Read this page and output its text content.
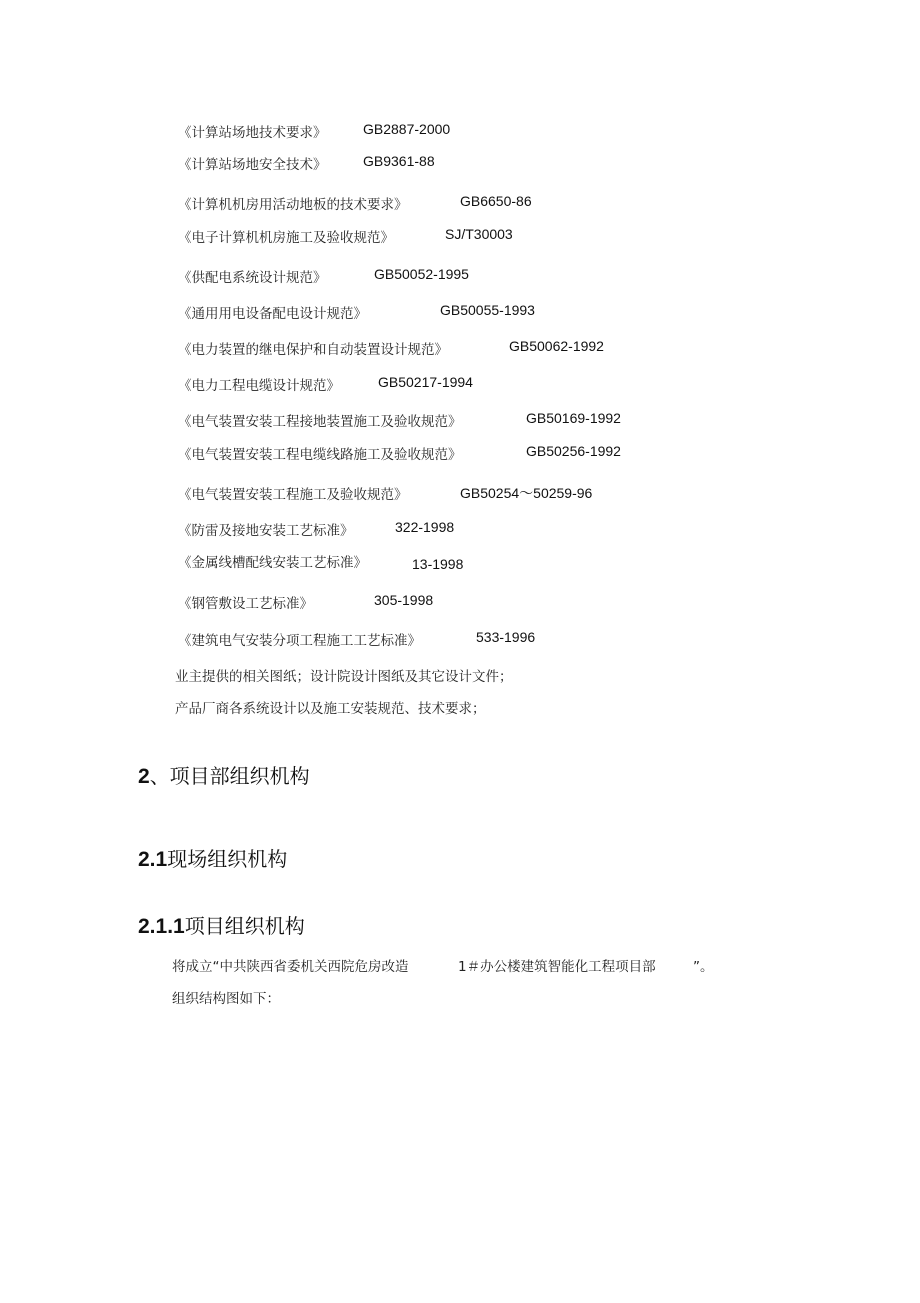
《计算站场地技术要求》	GB2887-2000
《计算站场地安全技术》	GB9361-88
《计算机机房用活动地板的技术要求》	GB6650-86
《电子计算机机房施工及验收规范》	SJ/T30003
《供配电系统设计规范》	GB50052-1995
《通用用电设备配电设计规范》	GB50055-1993
《电力装置的继电保护和自动装置设计规范》	GB50062-1992
《电力工程电缆设计规范》	GB50217-1994
《电气装置安装工程接地装置施工及验收规范》	GB50169-1992
《电气装置安装工程电缆线路施工及验收规范》	GB50256-1992
《电气装置安装工程施工及验收规范》	GB50254～50259-96
《防雷及接地安装工艺标准》	322-1998
《金属线槽配线安装工艺标准》	13-1998
《钢管敷设工艺标准》	305-1998
《建筑电气安装分项工程施工工艺标准》	533-1996
业主提供的相关图纸；设计院设计图纸及其它设计文件；
产品厂商各系统设计以及施工安装规范、技术要求；
2、项目部组织机构
2.1现场组织机构
2.1.1项目组织机构
将成立“中共陕西省委机关西院危房改造	1＃办公楼建筑智能化工程项目部	”。
组织结构图如下：
